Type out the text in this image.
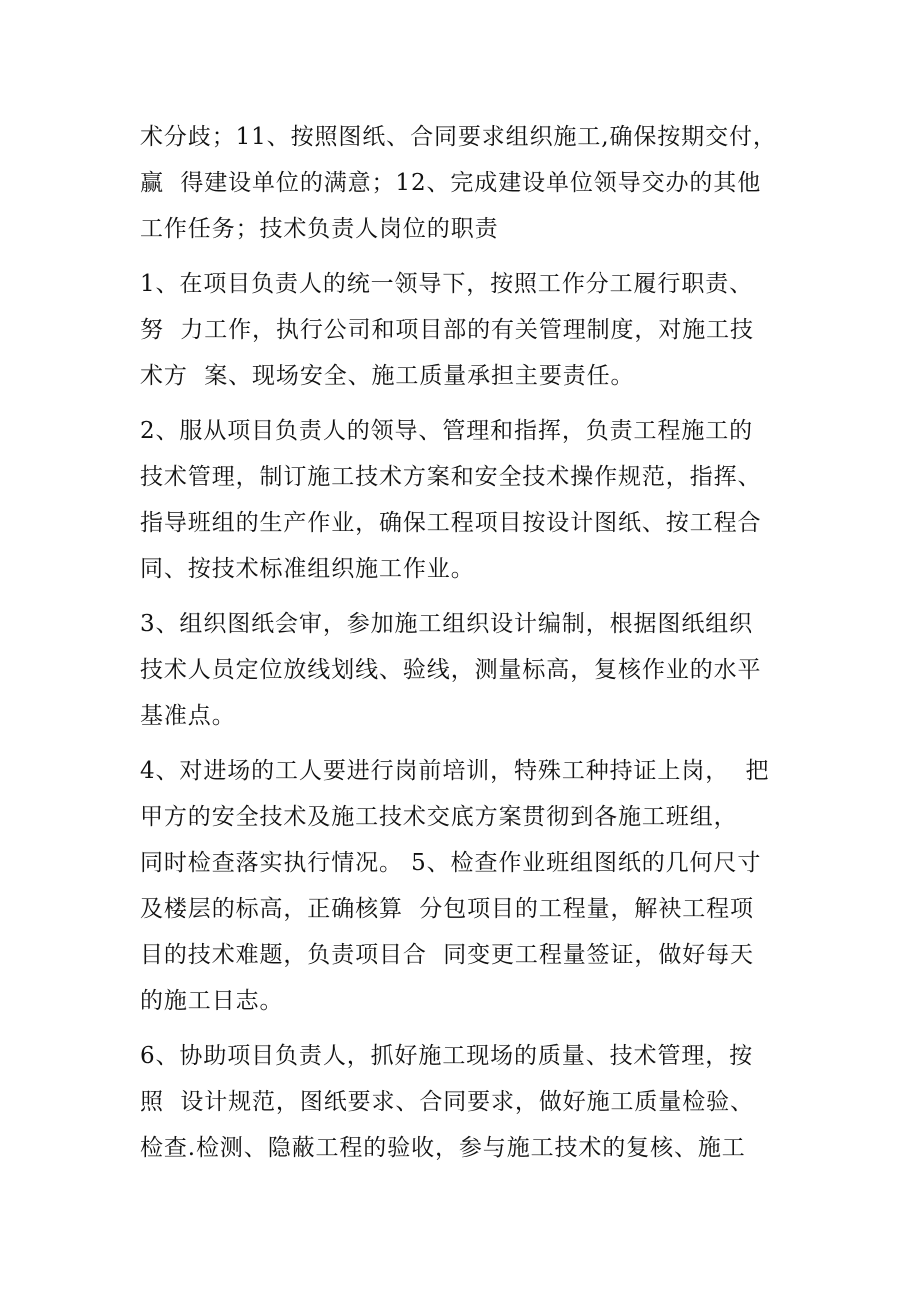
术分歧；11、按照图纸、合同要求组织施工,确保按期交付，
赢  得建设单位的满意；12、完成建设单位领导交办的其他
工作任务；技术负责人岗位的职责
1、在项目负责人的统一领导下，按照工作分工履行职责、
努  力工作，执行公司和项目部的有关管理制度，对施工技
术方  案、现场安全、施工质量承担主要责任。
2、服从项目负责人的领导、管理和指挥，负责工程施工的
技术管理，制订施工技术方案和安全技术操作规范，指挥、
指导班组的生产作业，确保工程项目按设计图纸、按工程合
同、按技术标准组织施工作业。
3、组织图纸会审，参加施工组织设计编制，根据图纸组织
技术人员定位放线划线、验线，测量标高，复核作业的水平
基准点。
4、对进场的工人要进行岗前培训，特殊工种持证上岗，  把
甲方的安全技术及施工技术交底方案贯彻到各施工班组，
同时检查落实执行情况。 5、检查作业班组图纸的几何尺寸
及楼层的标高，正确核算  分包项目的工程量，解袂工程项
目的技术难题，负责项目合  同变更工程量签证，做好每天
的施工日志。
6、协助项目负责人，抓好施工现场的质量、技术管理，按
照  设计规范，图纸要求、合同要求，做好施工质量检验、
检查.检测、隐蔽工程的验收，参与施工技术的复核、施工
